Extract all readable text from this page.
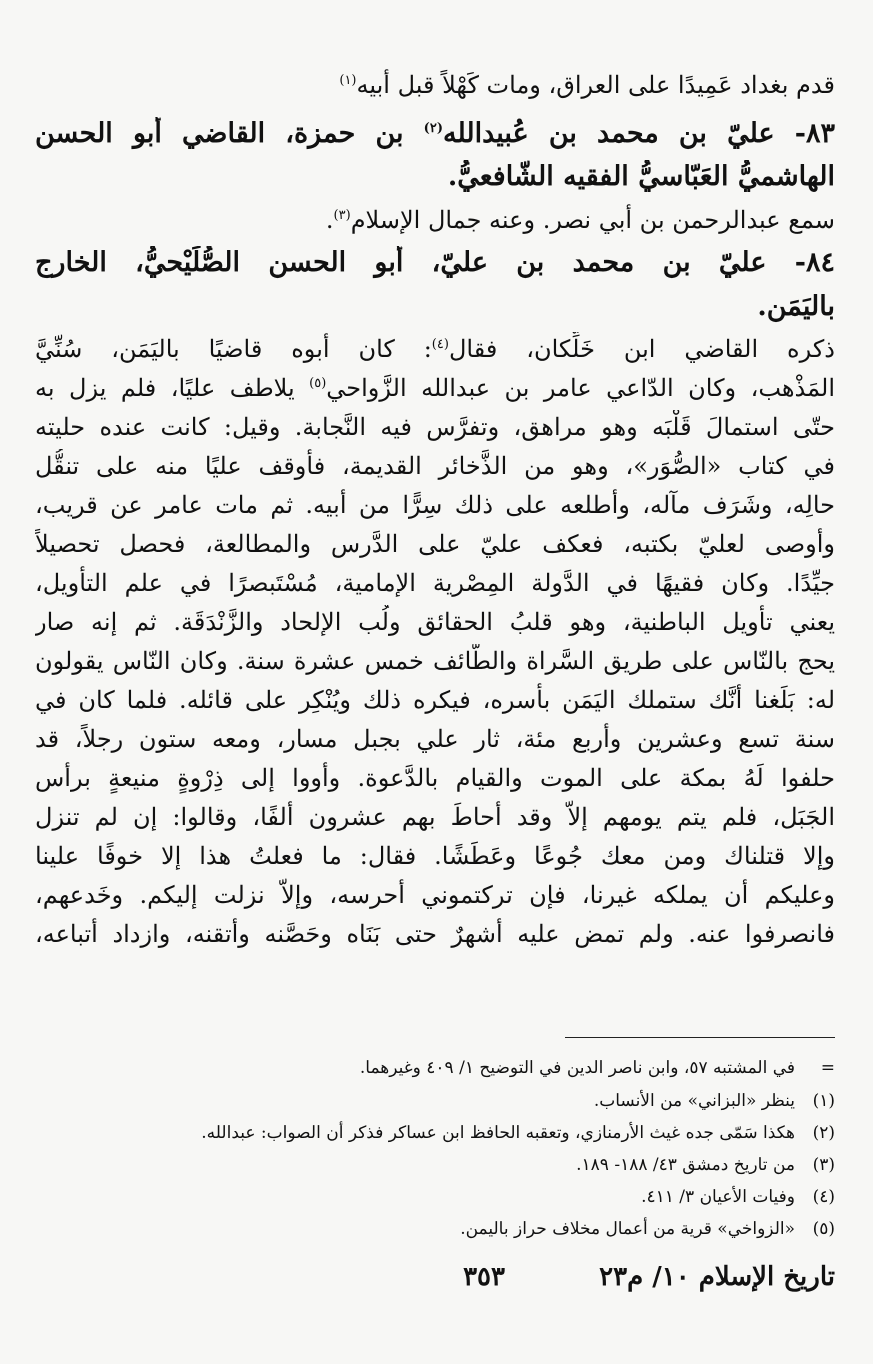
قدم بغداد عَمِيدًا على العراق، ومات كَهْلاً قبل أبيه$^{(١)}$
٨٣- عليّ بن محمد بن عُبيدالله$^{(٢)}$ بن حمزة، القاضي أبو الحسن
الهاشميُّ العَبّاسيُّ الفقيه الشّافعيُّ.
سمع عبدالرحمن بن أبي نصر. وعنه جمال الإسلام$^{(٣)}$.
٨٤- عليّ بن محمد بن عليّ، أبو الحسن الصُّلَيْحيُّ، الخارج
باليَمَن.
ذكره القاضي ابن خَلِّكان، فقال$^{(٤)}$: كان أبوه قاضيًا باليَمَن، سُنِّيَّ
المَذْهب، وكان الدّاعي عامر بن عبدالله الزَّواحي$^{(٥)}$ يلاطف عليًا، فلم يزل به
حتّى استمالَ قَلْبَه وهو مراهق، وتفرَّس فيه النَّجابة. وقيل: كانت عنده حليته
في كتاب «الصُّوَر»، وهو من الذَّخائر القديمة، فأوقف عليًا منه على تنقُّل
حالِه، وشَرَف مآله، وأطلعه على ذلك سِرًّا من أبيه. ثم مات عامر عن قريب،
وأوصى لعليّ بكتبه، فعكف عليّ على الدَّرس والمطالعة، فحصل تحصيلاً
جيِّدًا. وكان فقيهًا في الدَّولة المِصْرية الإمامية، مُسْتَبصرًا في علم التأويل،
يعني تأويل الباطنية، وهو قلبُ الحقائق ولُب الإلحاد والزَّنْدَقَة. ثم إنه صار
يحج بالنّاس على طريق السَّراة والطّائف خمس عشرة سنة. وكان النّاس يقولون
له: بَلَغنا أنَّك ستملك اليَمَن بأسره، فيكره ذلك ويُنْكِر على قائله. فلما كان في
سنة تسع وعشرين وأربع مئة، ثار علي بجبل مسار، ومعه ستون رجلاً، قد
حلفوا لَهُ بمكة على الموت والقيام بالدَّعوة. وأووا إلى ذِرْوةٍ منيعةٍ برأس
الجَبَل، فلم يتم يومهم إلاّ وقد أحاطَ بهم عشرون ألفًا، وقالوا: إن لم تنزل
وإلا قتلناك ومن معك جُوعًا وعَطَشًا. فقال: ما فعلتُ هذا إلا خوفًا علينا
وعليكم أن يملكه غيرنا، فإن تركتموني أحرسه، وإلاّ نزلت إليكم. وخَدعهم،
فانصرفوا عنه. ولم تمض عليه أشهرٌ حتى بَنَاه وحَصَّنه وأتقنه، وازداد أتباعه،
=في المشتبه ٥٧، وابن ناصر الدين في التوضيح ١/ ٤٠٩ وغيرهما.
(١)ينظر «البزاني» من الأنساب.
(٢)هكذا سَمّى جده غيث الأرمنازي، وتعقبه الحافظ ابن عساكر فذكر أن الصواب: عبدالله.
(٣)من تاريخ دمشق ٤٣/ ١٨٨- ١٨٩.
(٤)وفيات الأعيان ٣/ ٤١١.
(٥)«الزواخي» قرية من أعمال مخلاف حراز باليمن.
تاريخ الإسلام ١٠/ م٢٣
٣٥٣
